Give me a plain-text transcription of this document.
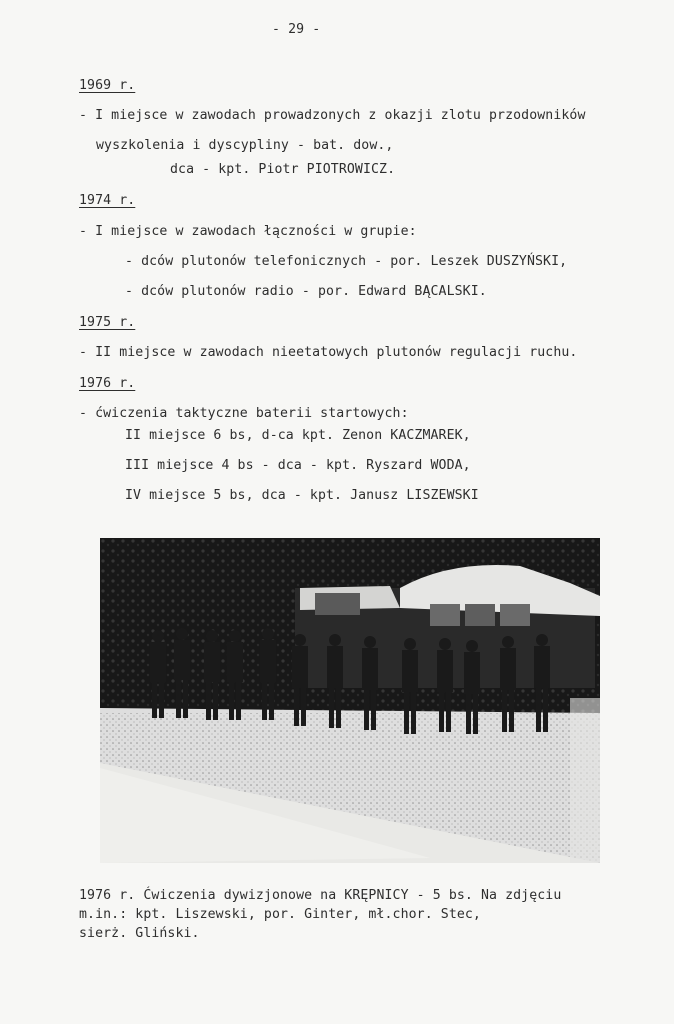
- 29 -
1969 r.
- I miejsce w zawodach prowadzonych z okazji zlotu przodowników
wyszkolenia i dyscypliny - bat. dow.,
dca - kpt. Piotr PIOTROWICZ.
1974 r.
- I miejsce w zawodach łączności w grupie:
- dców plutonów telefonicznych - por. Leszek DUSZYŃSKI,
- dców plutonów radio - por. Edward BĄCALSKI.
1975 r.
- II miejsce w zawodach nieetatowych plutonów regulacji ruchu.
1976 r.
- ćwiczenia taktyczne baterii startowych:
II miejsce 6 bs, d-ca kpt. Zenon KACZMAREK,
III miejsce 4 bs - dca - kpt. Ryszard WODA,
IV miejsce 5 bs, dca - kpt. Janusz LISZEWSKI
1976 r. Ćwiczenia dywizjonowe na KRĘPNICY - 5 bs. Na zdjęciu
m.in.: kpt. Liszewski, por. Ginter, mł.chor. Stec,
sierż. Gliński.
